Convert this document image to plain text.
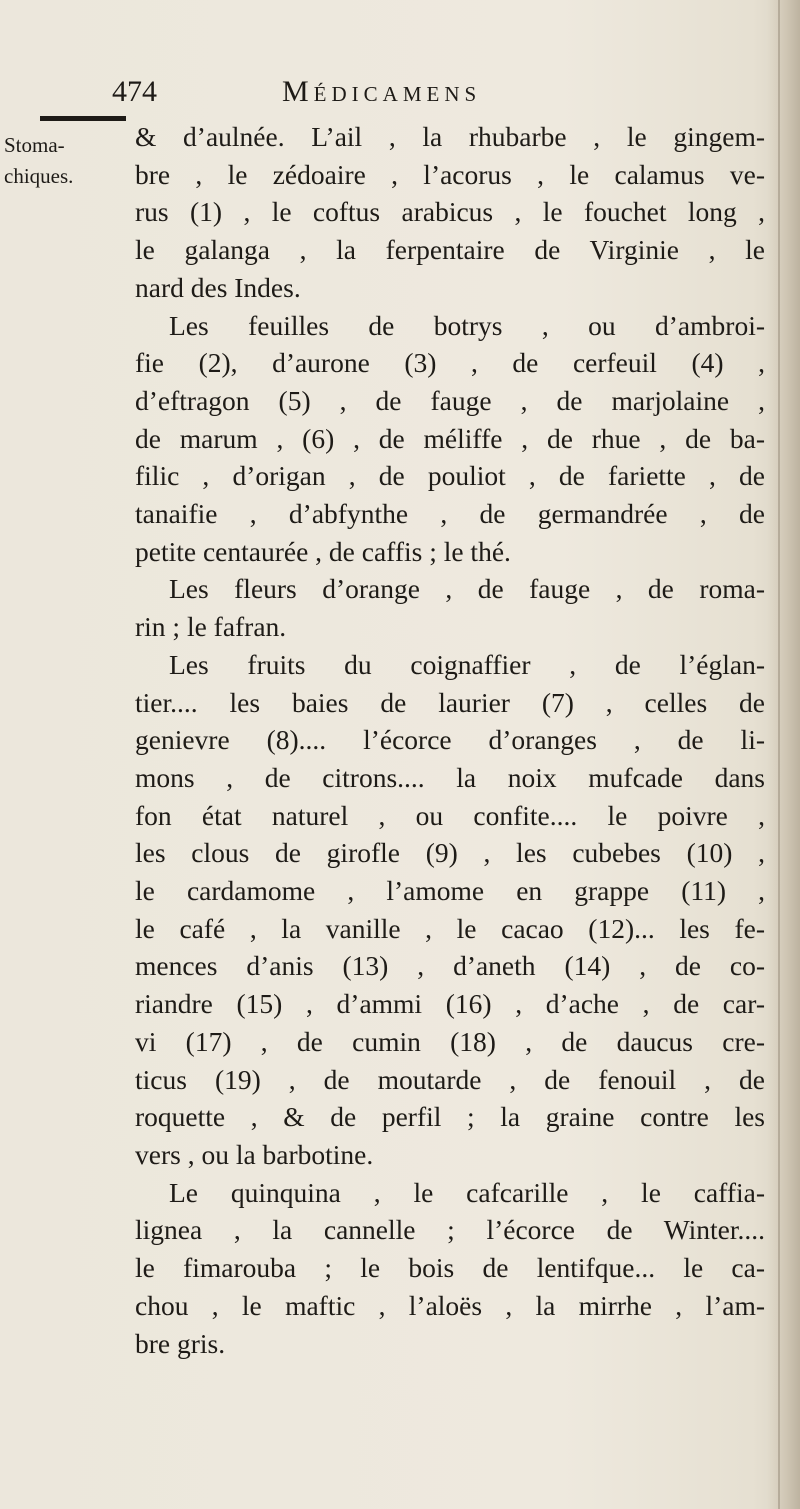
474	Médicamens
Stoma-
chiques.
& d’aulnée. L’ail , la rhubarbe , le gingem-
bre , le zédoaire , l’acorus , le calamus ve-
rus (1) , le coftus arabicus , le fouchet long ,
le galanga , la ferpentaire de Virginie , le
nard des Indes.
Les feuilles de botrys , ou d’ambroi-
fie (2), d’aurone (3) , de cerfeuil (4) ,
d’eftragon (5) , de fauge , de marjolaine ,
de marum , (6) , de méliffe , de rhue , de ba-
filic , d’origan , de pouliot , de fariette , de
tanaifie , d’abfynthe , de germandrée , de
petite centaurée , de caffis ; le thé.
Les fleurs d’orange , de fauge , de roma-
rin ; le fafran.
Les fruits du coignaffier , de l’églan-
tier.... les baies de laurier (7) , celles de
genievre (8).... l’écorce d’oranges , de li-
mons , de citrons.... la noix mufcade dans
fon état naturel , ou confite.... le poivre ,
les clous de girofle (9) , les cubebes (10) ,
le cardamome , l’amome en grappe (11) ,
le café , la vanille , le cacao (12)... les fe-
mences d’anis (13) , d’aneth (14) , de co-
riandre (15) , d’ammi (16) , d’ache , de car-
vi (17) , de cumin (18) , de daucus cre-
ticus (19) , de moutarde , de fenouil , de
roquette , & de perfil ; la graine contre les
vers , ou la barbotine.
Le quinquina , le cafcarille , le caffia-
lignea , la cannelle ; l’écorce de Winter....
le fimarouba ; le bois de lentifque... le ca-
chou , le maftic , l’aloës , la mirrhe , l’am-
bre gris.
